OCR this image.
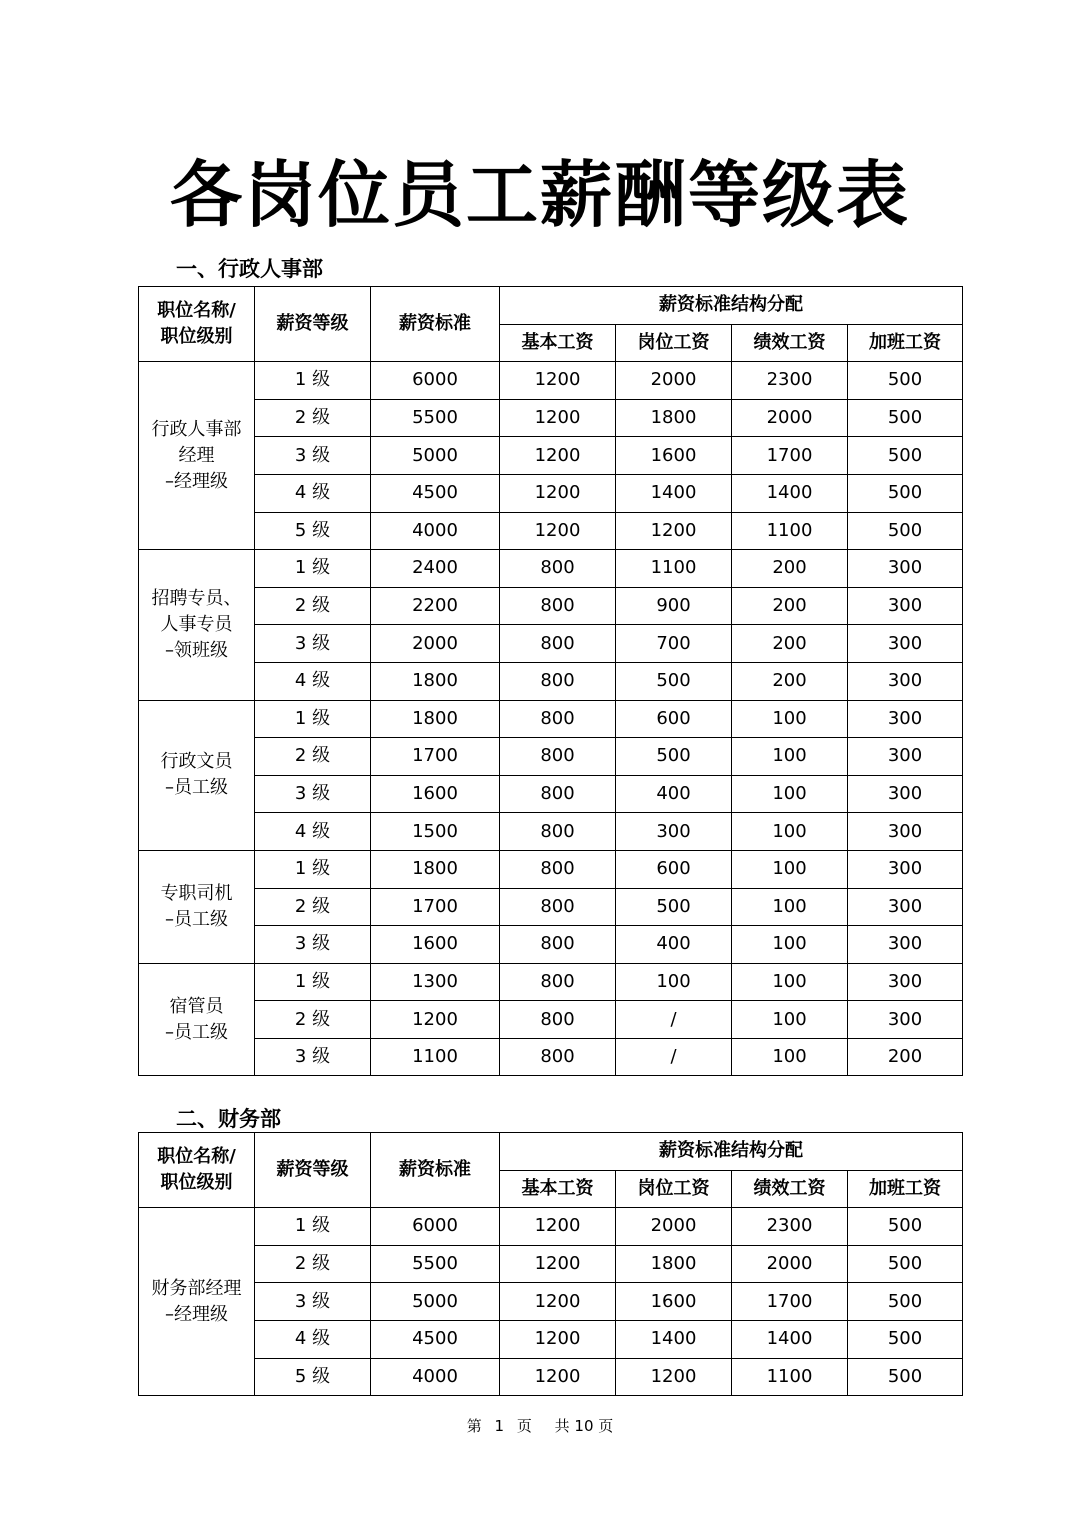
各岗位员工薪酬等级表
一、行政人事部
职位名称/
职位级别	薪资等级	薪资标准	薪资标准结构分配			
			基本工资	岗位工资	绩效工资	加班工资

行政人事部
经理
–经理级	1 级	6000	1200	2000	2300	500
	2 级	5500	1200	1800	2000	500
	3 级	5000	1200	1600	1700	500
	4 级	4500	1200	1400	1400	500
	5 级	4000	1200	1200	1100	500

招聘专员、
人事专员
–领班级	1 级	2400	800	1100	200	300
	2 级	2200	800	900	200	300
	3 级	2000	800	700	200	300
	4 级	1800	800	500	200	300

行政文员
–员工级	1 级	1800	800	600	100	300
	2 级	1700	800	500	100	300
	3 级	1600	800	400	100	300
	4 级	1500	800	300	100	300

专职司机
–员工级	1 级	1800	800	600	100	300
	2 级	1700	800	500	100	300
	3 级	1600	800	400	100	300

宿管员
–员工级	1 级	1300	800	100	100	300
	2 级	1200	800	/	100	300
	3 级	1100	800	/	100	200
二、财务部
职位名称/
职位级别	薪资等级	薪资标准	薪资标准结构分配			
			基本工资	岗位工资	绩效工资	加班工资

财务部经理
–经理级	1 级	6000	1200	2000	2300	500
	2 级	5500	1200	1800	2000	500
	3 级	5000	1200	1600	1700	500
	4 级	4500	1200	1400	1400	500
	5 级	4000	1200	1200	1100	500
第 1 页 共 10 页
